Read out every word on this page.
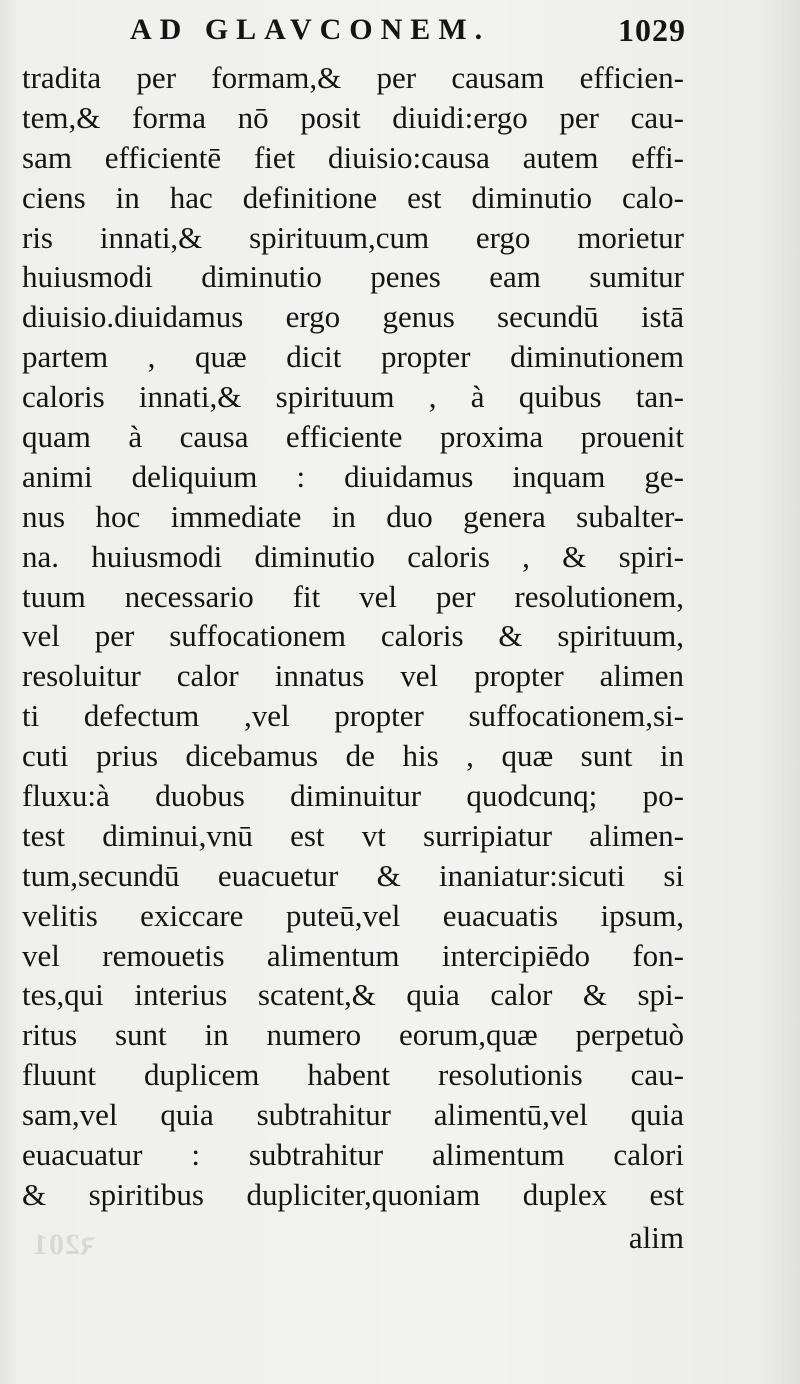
AD GLAVCONEM.	1029
tradita per formam,& per causam efficien-
tem,& forma nō posit diuidi:ergo per cau-
sam efficientē fiet diuisio:causa autem effi-
ciens in hac definitione est diminutio calo-
ris innati,& spirituum,cum ergo morietur
huiusmodi diminutio penes eam sumitur
diuisio.diuidamus ergo genus secundū istā
partem , quæ dicit propter diminutionem
caloris innati,& spirituum , à quibus tan-
quam à causa efficiente proxima prouenit
animi deliquium : diuidamus inquam ge-
nus hoc immediate in duo genera subalter-
na. huiusmodi diminutio caloris , & spiri-
tuum necessario fit vel per resolutionem,
vel per suffocationem caloris & spirituum,
resoluitur calor innatus vel propter alimen
ti defectum ,vel propter suffocationem,si-
cuti prius dicebamus de his , quæ sunt in
fluxu:à duobus diminuitur quodcunq; po-
test diminui,vnū est vt surripiatur alimen-
tum,secundū euacuetur & inaniatur:sicuti si
velitis exiccare puteū,vel euacuatis ipsum,
vel remouetis alimentum intercipiēdo fon-
tes,qui interius scatent,& quia calor & spi-
ritus sunt in numero eorum,quæ perpetuò
fluunt duplicem habent resolutionis cau-
sam,vel quia subtrahitur alimentū,vel quia
euacuatur : subtrahitur alimentum calori
& spiritibus dupliciter,quoniam duplex est
ꝛ201	alim
